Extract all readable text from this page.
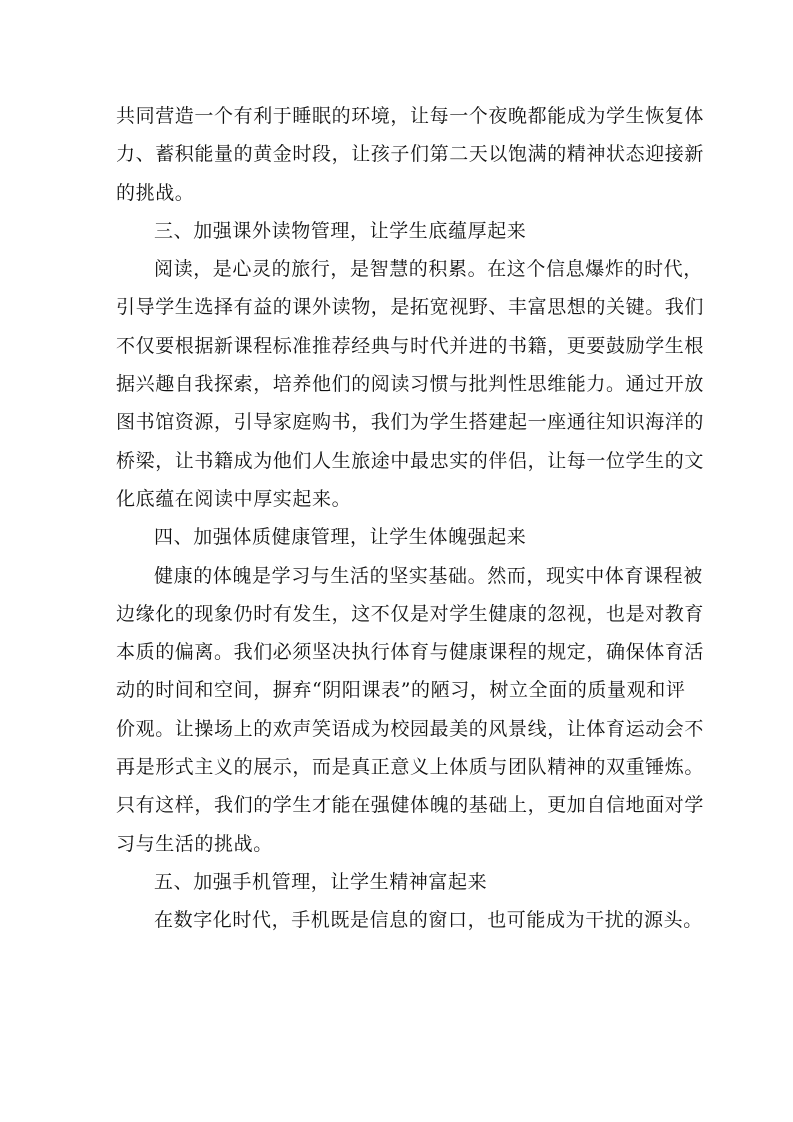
共同营造一个有利于睡眠的环境，让每一个夜晚都能成为学生恢复体
力、蓄积能量的黄金时段，让孩子们第二天以饱满的精神状态迎接新
的挑战。
三、加强课外读物管理，让学生底蕴厚起来
阅读，是心灵的旅行，是智慧的积累。在这个信息爆炸的时代，
引导学生选择有益的课外读物，是拓宽视野、丰富思想的关键。我们
不仅要根据新课程标准推荐经典与时代并进的书籍，更要鼓励学生根
据兴趣自我探索，培养他们的阅读习惯与批判性思维能力。通过开放
图书馆资源，引导家庭购书，我们为学生搭建起一座通往知识海洋的
桥梁，让书籍成为他们人生旅途中最忠实的伴侣，让每一位学生的文
化底蕴在阅读中厚实起来。
四、加强体质健康管理，让学生体魄强起来
健康的体魄是学习与生活的坚实基础。然而，现实中体育课程被
边缘化的现象仍时有发生，这不仅是对学生健康的忽视，也是对教育
本质的偏离。我们必须坚决执行体育与健康课程的规定，确保体育活
动的时间和空间，摒弃“阴阳课表”的陋习，树立全面的质量观和评
价观。让操场上的欢声笑语成为校园最美的风景线，让体育运动会不
再是形式主义的展示，而是真正意义上体质与团队精神的双重锤炼。
只有这样，我们的学生才能在强健体魄的基础上，更加自信地面对学
习与生活的挑战。
五、加强手机管理，让学生精神富起来
在数字化时代，手机既是信息的窗口，也可能成为干扰的源头。
